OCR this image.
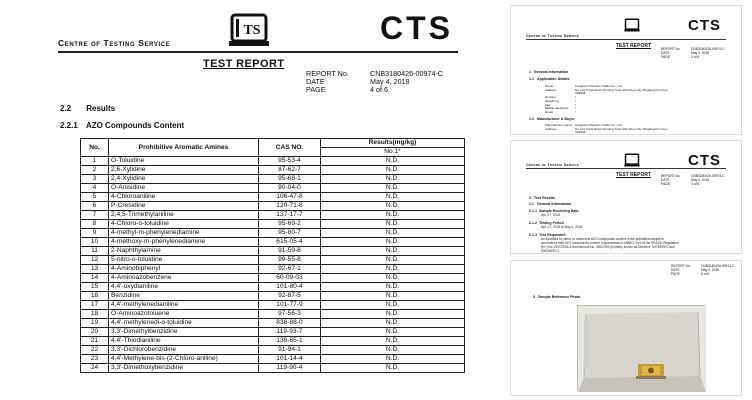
TS	CTS
Centre of Testing Service
TEST REPORT
REPORT No.	CNB3180426-00974-C
DATE	May 4, 2018
PAGE	4 of 6
2.2 Results
2.2.1 AZO Compounds Content
No.	Prohibitive Aromatic Amines	CAS NO.	Results(mg/kg)
			No.1*
1	O-Toluidine	95-53-4	N.D.
2	2,6-Xylidine	87-62-7	N.D.
3	2,4-Xylidine	95-68-1	N.D.
4	O-Anisidine	90-04-0	N.D.
5	4-Chloroaniline	106-47-8	N.D.
6	P-Cresidine	120-71-8	N.D.
7	2,4,5-Trimethylaniline	137-17-7	N.D.
8	4-Chloro-o-toluidine	95-69-2	N.D.
9	4-methyl-m-phenylenediamine	95-80-7	N.D.
10	4-methoxy-m-phenylenediamine	615-05-4	N.D.
11	2-Naphthylamine	91-59-8	N.D.
12	5-nitro-o-toluidine	99-55-8	N.D.
13	4-Aminobiphenyl	92-67-1	N.D.
14	4-Aminoazobenzene	60-09-03	N.D.
15	4,4'-oxydianiline	101-80-4	N.D.
16	Benzidine	92-87-5	N.D.
17	4,4'-methylenedianiline	101-77-9	N.D.
18	O-Aminoazotoluene	97-56-3	N.D.
19	4,4'-methylenedi-o-toluidine	838-88-0	N.D.
20	3,3'-Dimethylbenzidine	119-93-7	N.D.
21	4,4'-Thiodianiline	139-65-1	N.D.
22	3,3'-Dichlorobenzidine	91-94-1	N.D.
23	4,4'-Methylene-bis-(2-Chloro-aniline)	101-14-4	N.D.
24	3,3'-Dimethoxybenzidine	119-90-4	N.D.
CTS
Centre of Testing Service
TEST REPORT	REPORT No.	CNB3180426-00974-C
DATE	May 4, 2018
PAGE	2 of 6
1 General Information
1.1 Application Details
Name	Cangnan Chaozhe Crafts Co., Ltd
Address	No.114 Yuhai Road Jinxiang Town Wenzhou City Zhejiang Province
325804
Contact	/
Telephony	/
Fax	/
Mobile telephone	/
Email	/
1.2 Manufacturer & Buyer
Manufacturer name	Cangnan Chaozhe Crafts Co., Ltd
Address	No.114 Yuhai Road Jinxiang Town Wenzhou City Zhejiang Province
325804
CTS
Centre of Testing Service
TEST REPORT	REPORT No.	CNB3180426-00974-C
DATE	May 4, 2018
PAGE	3 of 6
2 Test Results
2.1 General Information
2.1.1 Sample Receiving Date
Apr. 27, 2018
2.1.2 Testing Period
Apr. 27, 2018 to May 4, 2018
2.1.3 Test Requested
As specified by client, to determine AZO compounds content in the submitted sample in
accordance with AZO compounds content requirements in ANNEX XVII of the REACH Regulation
(EC) No 1907/2006 & Amendment No. 552/2009 (formerly known as Directive 76/769/EEC and
2002/61/EC).
REPORT No.	CNB3180426-00974-C
DATE	May 4, 2018
PAGE	6 of 6
3 Sample Reference Photo
